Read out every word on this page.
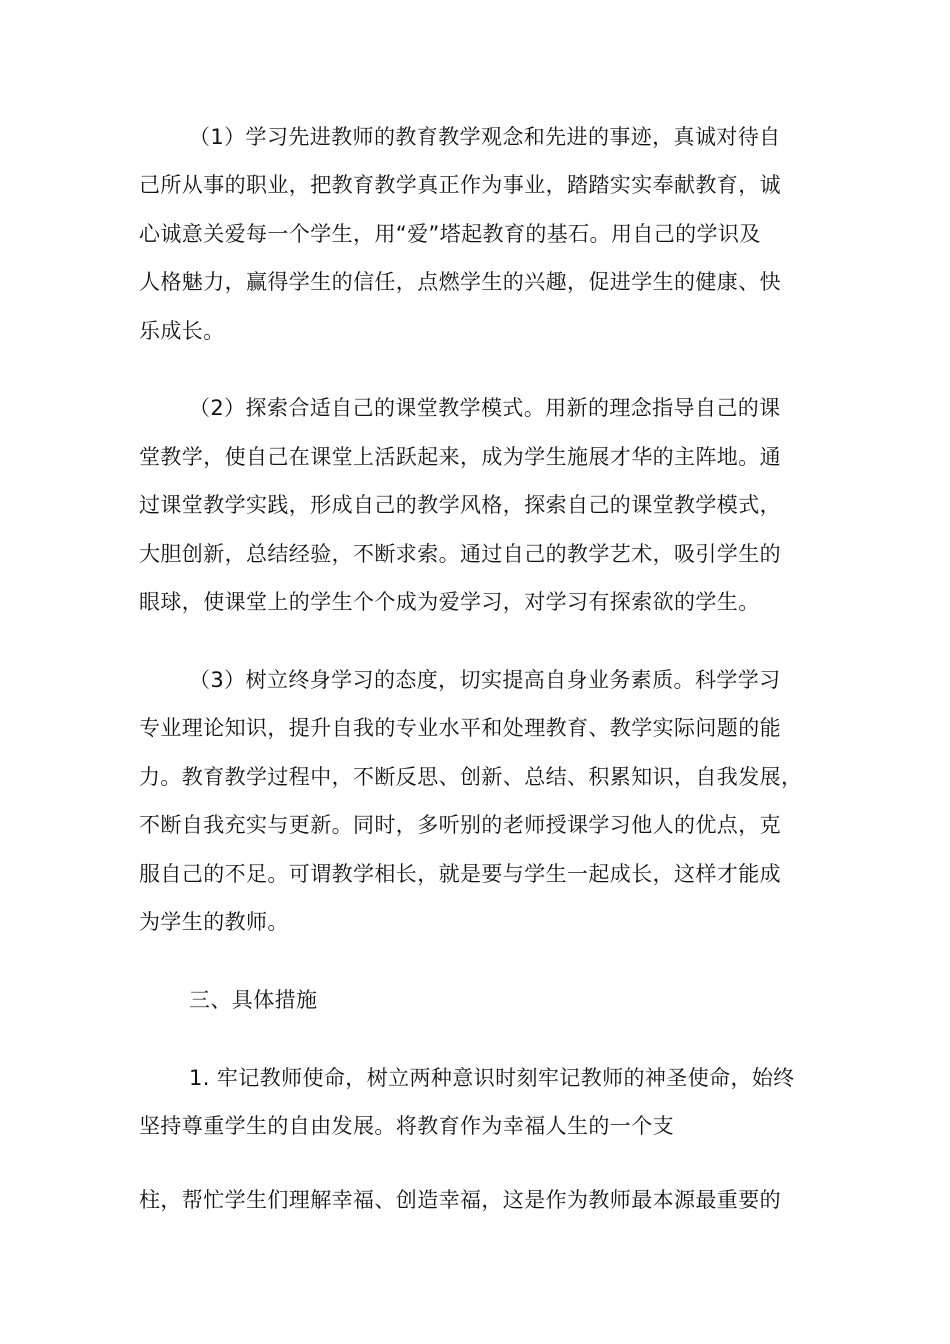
（1）学习先进教师的教育教学观念和先进的事迹，真诚对待自
己所从事的职业，把教育教学真正作为事业，踏踏实实奉献教育，诚
心诚意关爱每一个学生，用“爱”塔起教育的基石。用自己的学识及
人格魅力，赢得学生的信任，点燃学生的兴趣，促进学生的健康、快
乐成长。
（2）探索合适自己的课堂教学模式。用新的理念指导自己的课
堂教学，使自己在课堂上活跃起来，成为学生施展才华的主阵地。通
过课堂教学实践，形成自己的教学风格，探索自己的课堂教学模式，
大胆创新，总结经验，不断求索。通过自己的教学艺术，吸引学生的
眼球，使课堂上的学生个个成为爱学习，对学习有探索欲的学生。
（3）树立终身学习的态度，切实提高自身业务素质。科学学习
专业理论知识，提升自我的专业水平和处理教育、教学实际问题的能
力。教育教学过程中，不断反思、创新、总结、积累知识，自我发展，
不断自我充实与更新。同时，多听别的老师授课学习他人的优点，克
服自己的不足。可谓教学相长，就是要与学生一起成长，这样才能成
为学生的教师。
三、具体措施
1. 牢记教师使命，树立两种意识时刻牢记教师的神圣使命，始终
坚持尊重学生的自由发展。将教育作为幸福人生的一个支
柱，帮忙学生们理解幸福、创造幸福，这是作为教师最本源最重要的
